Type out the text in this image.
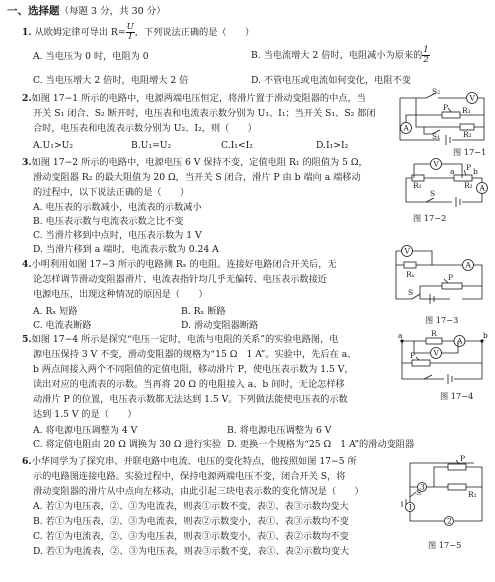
一、选择题（每题 3 分，共 30 分）
1. 从欧姆定律可导出 $R= \frac{U}{I}$ ，下列说法正确的是（　　）
A. 当电压为 0 时，电阻为 0	B. 当电流增大 2 倍时，电阻减小为原来的 $\frac{1}{2}$
C. 当电压增大 2 倍时，电阻增大 2 倍	D. 不管电压或电流如何变化，电阻不变
2.如图 17−1 所示的电路中，电源两端电压恒定，将滑片置于滑动变阻器的中点，当
开关 S₁ 闭合、S₂ 断开时，电压表和电流表示数分别为 U₁、I₁；当开关 S₁、S₂ 都闭
合时，电压表和电流表示数分别为 U₂、I₂，则（　　）
A.U₁>U₂	B.U₁=U₂	C.I₁<I₂	D.I₁>I₂
S₂
S₁
V
A
P R₁
R₂
图 17−1
3.如图 17−2 所示的电路中，电源电压 6 V 保持不变，定值电阻 R₁ 的阻值为 5 Ω，
滑动变阻器 R₂ 的最大阻值为 20 Ω，当开关 S 闭合，滑片 P 由 b 端向 a 端移动
的过程中，以下说法正确的是（　　）
A. 电压表的示数减小，电流表的示数减小
B. 电压表示数与电流表示数之比不变
C. 当滑片移到中点时，电压表示数为 1 V
D. 当滑片移到 a 端时，电流表示数为 0.24 A
V
A
R₁	R₂
a b
P
S
图 17−2
4.小明利用如图 17−3 所示的电路测 Rₓ 的电阻。连接好电路闭合开关后，无
论怎样调节滑动变阻器滑片，电流表指针均几乎无偏转、电压表示数接近
电源电压，出现这种情况的原因是（　　）
A. Rₓ 短路	B. Rₓ 断路
C. 电流表断路	D. 滑动变阻器断路
V
A
Rₓ	P
S
图 17−3
5.如图 17−4 所示是探究“电压一定时，电流与电阻的关系”的实验电路图，电
源电压保持 3 V 不变，滑动变阻器的规格为“15 Ω　1 A”。实验中，先后在 a、
b 两点间接入两个不同阻值的定值电阻，移动滑片 P，使电压表示数为 1.5 V，
读出对应的电流表的示数。当再将 20 Ω 的电阻接入 a、b 间时，无论怎样移
动滑片 P 的位置，电压表示数都无法达到 1.5 V。下列做法能使电压表的示数
达到 1.5 V 的是（　　）
A. 将电源电压调整为 4 V	B. 将电源电压调整为 6 V
C. 将定值电阻由 20 Ω 调换为 30 Ω 进行实验 D. 更换一个规格为“25 Ω　1 A”的滑动变阻器
a	b
R
A
V
P
图 17−4
6.小华同学为了探究串、并联电路中电流、电压的变化特点，他按照如图 17−5 所
示的电路图连接电路。实验过程中，保持电源两端电压不变，闭合开关 S，将
滑动变阻器的滑片从中点向左移动，由此引起三块电表示数的变化情况是（　　）
A. 若①为电压表，②、③为电流表，则表①示数不变，表②、表③示数均变大
B. 若①为电压表，②、③为电流表，则表②示数变小，表①、表③示数均不变
C. 若①为电流表，②、③为电压表，则表③示数变小，表①、表②示数均不变
D. 若①为电流表，②、③为电压表，则表③示数不变，表①、表②示数均变大
3
2
1
S
P
R₁
图 17−5
